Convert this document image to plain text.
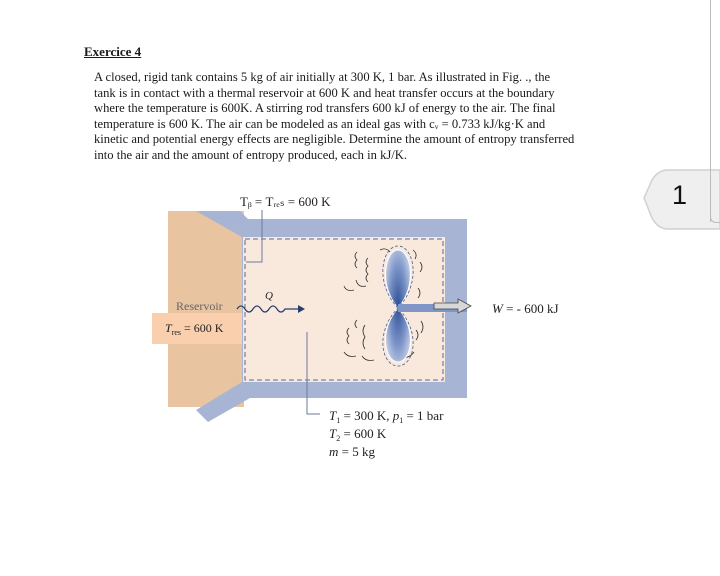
Exercice 4
A closed, rigid tank contains 5 kg of air initially at 300 K, 1 bar. As illustrated in Fig. ., the
tank is in contact with a thermal reservoir at 600 K and heat transfer occurs at the boundary
where the temperature is 600K. A stirring rod transfers 600 kJ of energy to the air. The final
temperature is 600 K. The air can be modeled as an ideal gas with cᵥ = 0.733 kJ/kg·K and
kinetic and potential energy effects are negligible. Determine the amount of entropy transferred
into the air and the amount of entropy produced, each in kJ/K.
Reservoir
$T_{res} = 600$ K
Tᵦ = Tᵣₑₛ = 600 K
Q
W = - 600 kJ
$T_1 = 300$ K, $p_1 = 1$ bar
$T_2 = 600$ K
m = 5 kg
1
